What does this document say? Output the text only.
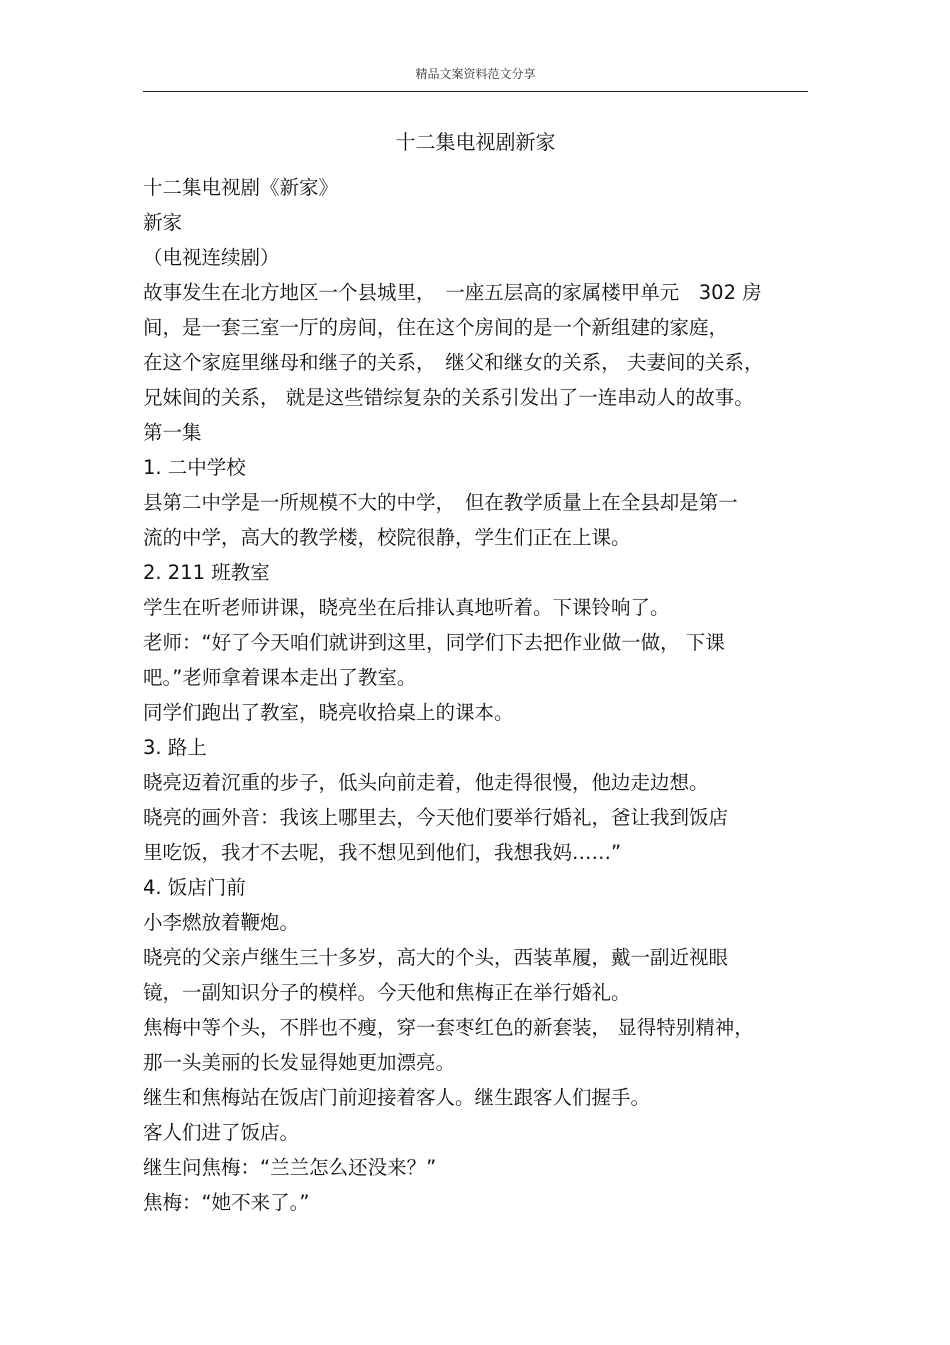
精品文案资料范文分享
十二集电视剧新家
十二集电视剧《新家》
新家
（电视连续剧）
故事发生在北方地区一个县城里，　一座五层高的家属楼甲单元　302 房
间，是一套三室一厅的房间，住在这个房间的是一个新组建的家庭，
在这个家庭里继母和继子的关系，　继父和继女的关系， 夫妻间的关系，
兄妹间的关系， 就是这些错综复杂的关系引发出了一连串动人的故事。
第一集
1. 二中学校
县第二中学是一所规模不大的中学，　但在教学质量上在全县却是第一
流的中学，高大的教学楼，校院很静，学生们正在上课。
2. 211 班教室
学生在听老师讲课，晓亮坐在后排认真地听着。下课铃响了。
老师：“好了今天咱们就讲到这里，同学们下去把作业做一做， 下课
吧。”老师拿着课本走出了教室。
同学们跑出了教室，晓亮收拾桌上的课本。
3. 路上
晓亮迈着沉重的步子，低头向前走着，他走得很慢，他边走边想。
晓亮的画外音：我该上哪里去，今天他们要举行婚礼，爸让我到饭店
里吃饭，我才不去呢，我不想见到他们，我想我妈……”
4. 饭店门前
小李燃放着鞭炮。
晓亮的父亲卢继生三十多岁，高大的个头，西装革履，戴一副近视眼
镜，一副知识分子的模样。今天他和焦梅正在举行婚礼。
焦梅中等个头，不胖也不瘦，穿一套枣红色的新套装， 显得特别精神，
那一头美丽的长发显得她更加漂亮。
继生和焦梅站在饭店门前迎接着客人。继生跟客人们握手。
客人们进了饭店。
继生问焦梅：“兰兰怎么还没来？”
焦梅：“她不来了。”
